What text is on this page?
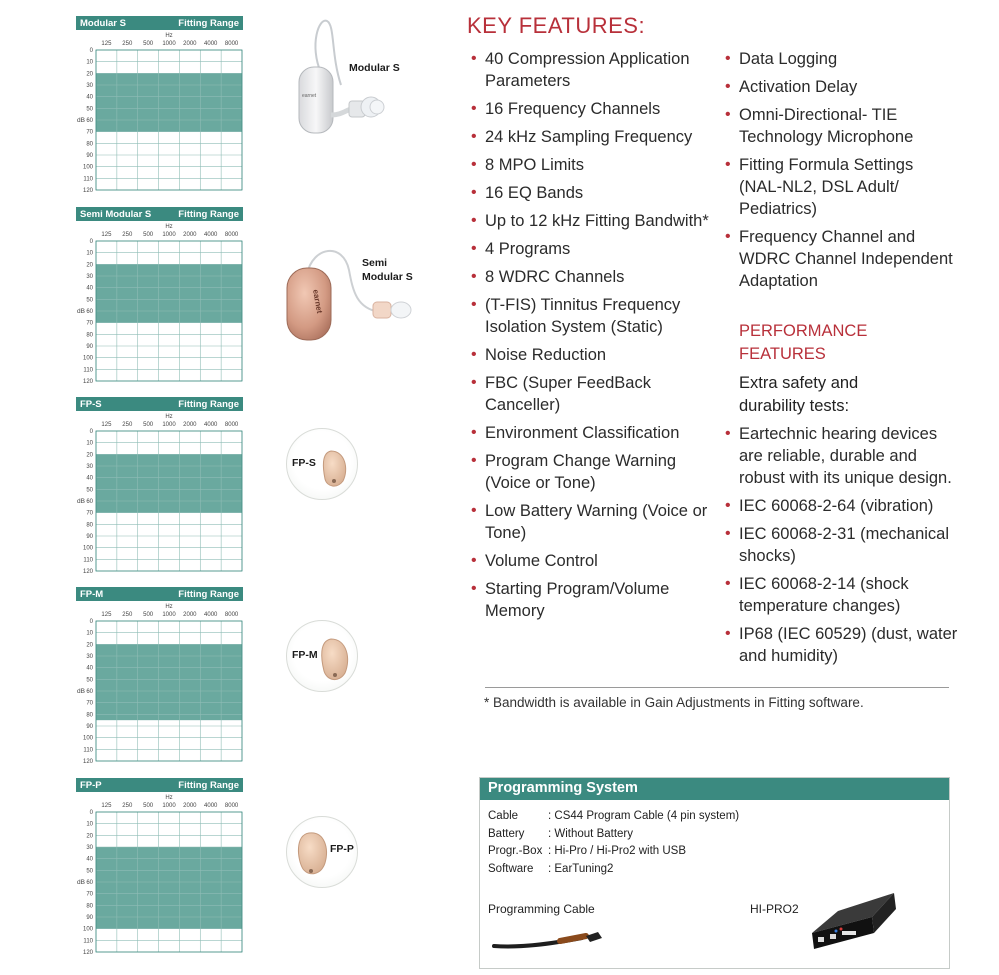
Modular S	Fitting Range
Hz
125 250 500 1000 2000 4000 8000
0
10
20
30
40
50
60
70
80
90
100
110
120
dB
Semi Modular S	Fitting Range
Hz
125 250 500 1000 2000 4000 8000
0
10
20
30
40
50
60
70
80
90
100
110
120
dB
FP-S	Fitting Range
Hz
125 250 500 1000 2000 4000 8000
0
10
20
30
40
50
60
70
80
90
100
110
120
dB
FP-M	Fitting Range
Hz
125 250 500 1000 2000 4000 8000
0
10
20
30
40
50
60
70
80
90
100
110
120
dB
FP-P	Fitting Range
Hz
125 250 500 1000 2000 4000 8000
0
10
20
30
40
50
60
70
80
90
100
110
120
dB
earnet
Modular S
earnet
Semi
Modular S
FP-S
FP-M
FP-P
KEY FEATURES:
• 40 Compression Application Parameters
• 16 Frequency Channels
• 24 kHz Sampling Frequency
• 8 MPO Limits
• 16 EQ Bands
• Up to 12 kHz Fitting Bandwith*
• 4 Programs
• 8 WDRC Channels
• (T-FIS) Tinnitus Frequency Isolation System (Static)
• Noise Reduction
• FBC (Super FeedBack Canceller)
• Environment Classification
• Program Change Warning (Voice or Tone)
• Low Battery Warning (Voice or Tone)
• Volume Control
• Starting Program/Volume Memory
• Data Logging
• Activation Delay
• Omni-Directional- TIE Technology Microphone
• Fitting Formula Settings (NAL-NL2, DSL Adult/ Pediatrics)
• Frequency Channel and WDRC Channel Independent Adaptation
PERFORMANCE
FEATURES
Extra safety and
durability tests:
• Eartechnic hearing devices are reliable, durable and robust with its unique design.
• IEC 60068-2-64 (vibration)
• IEC 60068-2-31 (mechanical shocks)
• IEC 60068-2-14 (shock temperature changes)
• IP68 (IEC 60529) (dust, water and humidity)
* Bandwidth is available in Gain Adjustments in Fitting software.
Programming System
Cable	: CS44 Program Cable (4 pin system)
Battery	: Without Battery
Progr.-Box	: Hi-Pro / Hi-Pro2 with USB
Software	: EarTuning2
Programming Cable	HI-PRO2
